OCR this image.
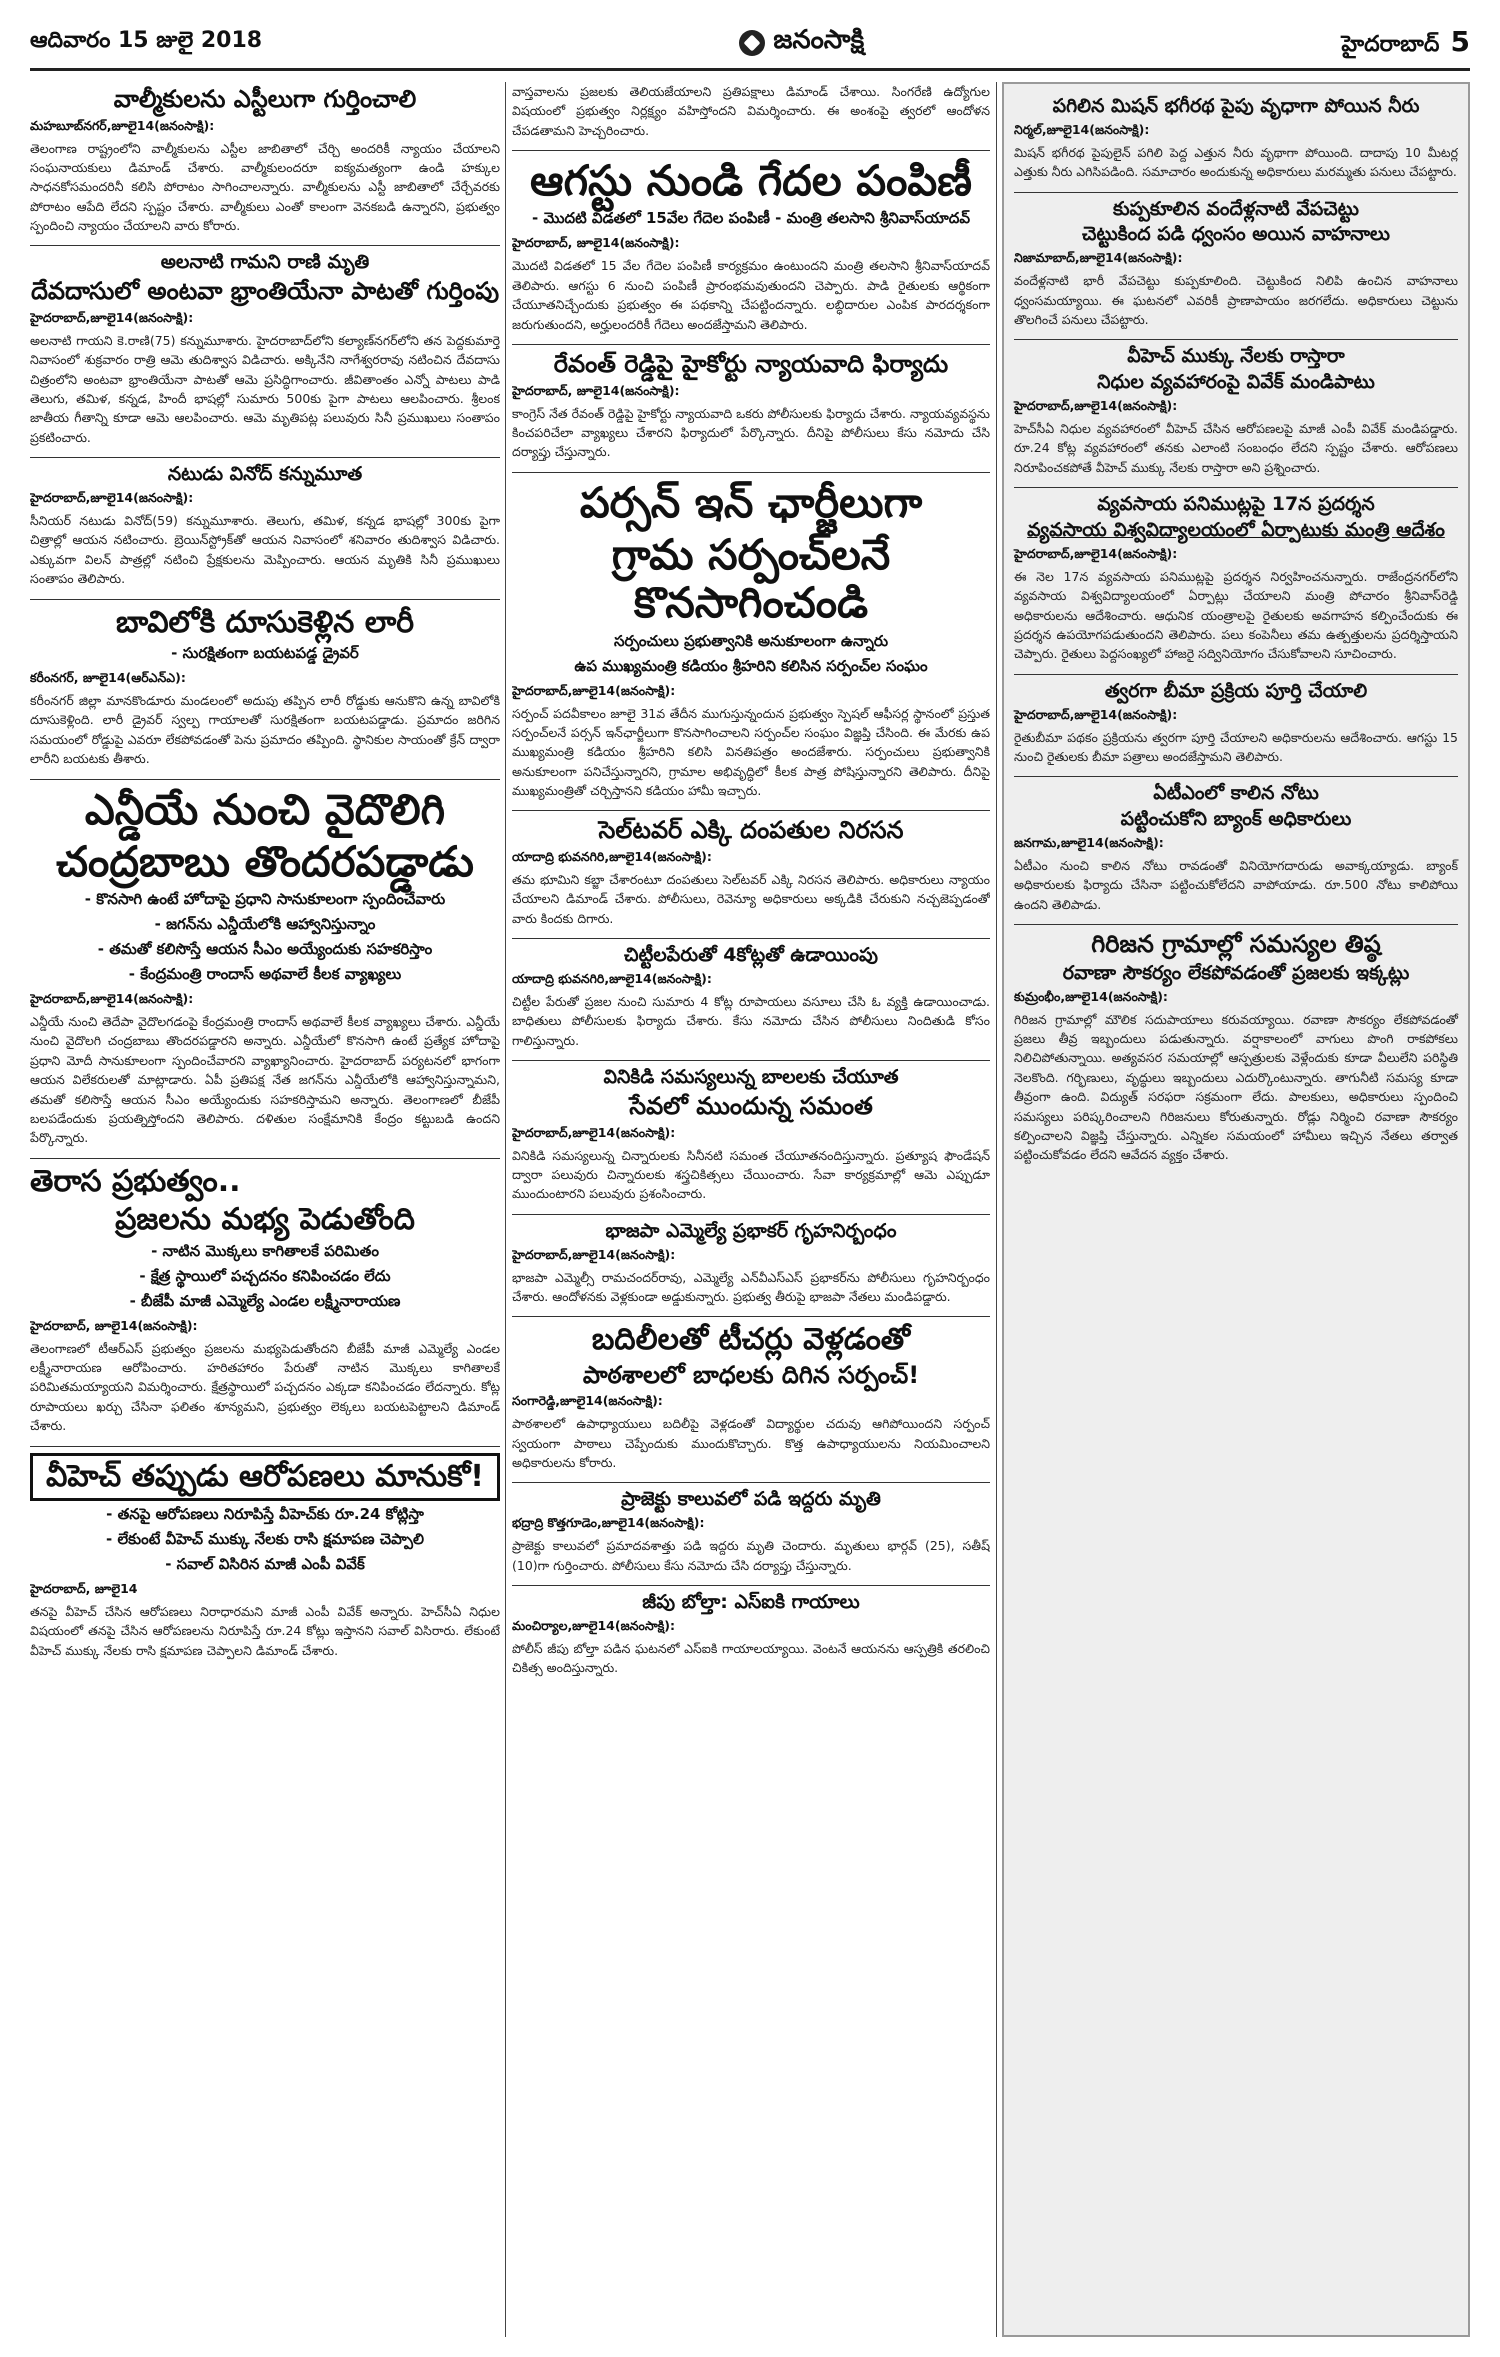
ఆదివారం 15 జులై 2018	జనంసాక్షి	హైదరాబాద్ 5
వాల్మీకులను ఎస్టీలుగా గుర్తించాలి
మహబూబ్‌నగర్,జూలై14(జనంసాక్షి):

తెలంగాణ రాష్ట్రంలోని వాల్మీకులను ఎస్టీల జాబితాలో చేర్చి అందరికీ న్యాయం చేయాలని సంఘనాయకులు డిమాండ్ చేశారు. వాల్మీకులందరూ ఐక్యమత్యంగా ఉండి హక్కుల సాధనకోసమందరినీ కలిసి పోరాటం సాగించాలన్నారు. వాల్మీకులను ఎస్టీ జాబితాలో చేర్చేవరకు పోరాటం ఆపేది లేదని స్పష్టం చేశారు. వాల్మీకులు ఎంతో కాలంగా వెనకబడి ఉన్నారని, ప్రభుత్వం స్పందించి న్యాయం చేయాలని వారు కోరారు.

అలనాటి గామని రాణి మృతి
దేవదాసులో అంటవా భ్రాంతియేనా పాటతో గుర్తింపు
హైదరాబాద్,జూలై14(జనంసాక్షి):

అలనాటి గాయని కె.రాణి(75) కన్నుమూశారు. హైదరాబాద్‌లోని కల్యాణ్‌నగర్‌లోని తన పెద్దకుమార్తె నివాసంలో శుక్రవారం రాత్రి ఆమె తుదిశ్వాస విడిచారు. అక్కినేని నాగేశ్వరరావు నటించిన దేవదాసు చిత్రంలోని అంటవా భ్రాంతియేనా పాటతో ఆమె ప్రసిద్ధిగాంచారు. జీవితాంతం ఎన్నో పాటలు పాడి తెలుగు, తమిళ, కన్నడ, హిందీ భాషల్లో సుమారు 500కు పైగా పాటలు ఆలపించారు. శ్రీలంక జాతీయ గీతాన్ని కూడా ఆమె ఆలపించారు. ఆమె మృతిపట్ల పలువురు సినీ ప్రముఖులు సంతాపం ప్రకటించారు.

నటుడు వినోద్ కన్నుమూత
హైదరాబాద్,జూలై14(జనంసాక్షి):

సీనియర్ నటుడు వినోద్(59) కన్నుమూశారు. తెలుగు, తమిళ, కన్నడ భాషల్లో 300కు పైగా చిత్రాల్లో ఆయన నటించారు. బ్రెయిన్‌స్ట్రోక్‌తో ఆయన నివాసంలో శనివారం తుదిశ్వాస విడిచారు. ఎక్కువగా విలన్ పాత్రల్లో నటించి ప్రేక్షకులను మెప్పించారు. ఆయన మృతికి సినీ ప్రముఖులు సంతాపం తెలిపారు.

బావిలోకి దూసుకెళ్లిన లారీ
- సురక్షితంగా బయటపడ్డ డ్రైవర్
కరీంనగర్, జూలై14(ఆర్ఎన్ఎ):

కరీంనగర్ జిల్లా మానకొండూరు మండలంలో అదుపు తప్పిన లారీ రోడ్డుకు ఆనుకొని ఉన్న బావిలోకి దూసుకెళ్లింది. లారీ డ్రైవర్ స్వల్ప గాయాలతో సురక్షితంగా బయటపడ్డాడు. ప్రమాదం జరిగిన సమయంలో రోడ్డుపై ఎవరూ లేకపోవడంతో పెను ప్రమాదం తప్పింది. స్థానికుల సాయంతో క్రేన్ ద్వారా లారీని బయటకు తీశారు.

ఎన్డీయే నుంచి వైదొలిగి
చంద్రబాబు తొందరపడ్డాడు
- కొనసాగి ఉంటే హోదాపై ప్రధాని సానుకూలంగా స్పందించేవారు
- జగన్‌ను ఎన్డీయేలోకి ఆహ్వానిస్తున్నాం
- తమతో కలిసొస్తే ఆయన సీఎం అయ్యేందుకు సహకరిస్తాం
- కేంద్రమంత్రి రాందాస్ అథవాలే కీలక వ్యాఖ్యలు
హైదరాబాద్,జూలై14(జనంసాక్షి):

ఎన్డీయే నుంచి తెదేపా వైదొలగడంపై కేంద్రమంత్రి రాందాస్ అథవాలే కీలక వ్యాఖ్యలు చేశారు. ఎన్డీయే నుంచి వైదొలగి చంద్రబాబు తొందరపడ్డారని అన్నారు. ఎన్డీయేలో కొనసాగి ఉంటే ప్రత్యేక హోదాపై ప్రధాని మోదీ సానుకూలంగా స్పందించేవారని వ్యాఖ్యానించారు. హైదరాబాద్ పర్యటనలో భాగంగా ఆయన విలేకరులతో మాట్లాడారు. ఏపీ ప్రతిపక్ష నేత జగన్‌ను ఎన్డీయేలోకి ఆహ్వానిస్తున్నామని, తమతో కలిసొస్తే ఆయన సీఎం అయ్యేందుకు సహకరిస్తామని అన్నారు. తెలంగాణలో బీజేపీ బలపడేందుకు ప్రయత్నిస్తోందని తెలిపారు. దళితుల సంక్షేమానికి కేంద్రం కట్టుబడి ఉందని పేర్కొన్నారు.

తెరాస ప్రభుత్వం..
ప్రజలను మభ్య పెడుతోంది
- నాటిన మొక్కలు కాగితాలకే పరిమితం
- క్షేత్ర స్థాయిలో పచ్చదనం కనిపించడం లేదు
- బీజేపీ మాజీ ఎమ్మెల్యే ఎండల లక్ష్మీనారాయణ
హైదరాబాద్, జూలై14(జనంసాక్షి):

తెలంగాణలో టీఆర్ఎస్ ప్రభుత్వం ప్రజలను మభ్యపెడుతోందని బీజేపీ మాజీ ఎమ్మెల్యే ఎండల లక్ష్మీనారాయణ ఆరోపించారు. హరితహారం పేరుతో నాటిన మొక్కలు కాగితాలకే పరిమితమయ్యాయని విమర్శించారు. క్షేత్రస్థాయిలో పచ్చదనం ఎక్కడా కనిపించడం లేదన్నారు. కోట్ల రూపాయలు ఖర్చు చేసినా ఫలితం శూన్యమని, ప్రభుత్వం లెక్కలు బయటపెట్టాలని డిమాండ్ చేశారు.

వీహెచ్ తప్పుడు ఆరోపణలు మానుకో!
- తనపై ఆరోపణలు నిరూపిస్తే వీహెచ్‌కు రూ.24 కోట్లిస్తా
- లేకుంటే వీహెచ్ ముక్కు నేలకు రాసి క్షమాపణ చెప్పాలి
- సవాల్ విసిరిన మాజీ ఎంపీ వివేక్
హైదరాబాద్, జూలై14

తనపై వీహెచ్ చేసిన ఆరోపణలు నిరాధారమని మాజీ ఎంపీ వివేక్ అన్నారు. హెచ్‌సీఏ నిధుల విషయంలో తనపై చేసిన ఆరోపణలను నిరూపిస్తే రూ.24 కోట్లు ఇస్తానని సవాల్ విసిరారు. లేకుంటే వీహెచ్ ముక్కు నేలకు రాసి క్షమాపణ చెప్పాలని డిమాండ్ చేశారు.

వాస్తవాలను ప్రజలకు తెలియజేయాలని ప్రతిపక్షాలు డిమాండ్ చేశాయి. సింగరేణి ఉద్యోగుల విషయంలో ప్రభుత్వం నిర్లక్ష్యం వహిస్తోందని విమర్శించారు. ఈ అంశంపై త్వరలో ఆందోళన చేపడతామని హెచ్చరించారు.

ఆగస్టు నుండి గేదల పంపిణీ
- మొదటి విడతలో 15వేల గేదెల పంపిణీ - మంత్రి తలసాని శ్రీనివాస్‌యాదవ్
హైదరాబాద్, జూలై14(జనంసాక్షి):

మొదటి విడతలో 15 వేల గేదెల పంపిణీ కార్యక్రమం ఉంటుందని మంత్రి తలసాని శ్రీనివాస్‌యాదవ్ తెలిపారు. ఆగస్టు 6 నుంచి పంపిణీ ప్రారంభమవుతుందని చెప్పారు. పాడి రైతులకు ఆర్థికంగా చేయూతనిచ్చేందుకు ప్రభుత్వం ఈ పథకాన్ని చేపట్టిందన్నారు. లబ్ధిదారుల ఎంపిక పారదర్శకంగా జరుగుతుందని, అర్హులందరికీ గేదెలు అందజేస్తామని తెలిపారు.

రేవంత్ రెడ్డిపై హైకోర్టు న్యాయవాది ఫిర్యాదు
హైదరాబాద్, జూలై14(జనంసాక్షి):

కాంగ్రెస్ నేత రేవంత్ రెడ్డిపై హైకోర్టు న్యాయవాది ఒకరు పోలీసులకు ఫిర్యాదు చేశారు. న్యాయవ్యవస్థను కించపరిచేలా వ్యాఖ్యలు చేశారని ఫిర్యాదులో పేర్కొన్నారు. దీనిపై పోలీసులు కేసు నమోదు చేసి దర్యాప్తు చేస్తున్నారు.

పర్సన్ ఇన్ ఛార్జీలుగా
గ్రామ సర్పంచ్‌లనే కొనసాగించండి
సర్పంచులు ప్రభుత్వానికి అనుకూలంగా ఉన్నారు
ఉప ముఖ్యమంత్రి కడియం శ్రీహరిని కలిసిన సర్పంచ్‌ల సంఘం
హైదరాబాద్,జూలై14(జనంసాక్షి):

సర్పంచ్ పదవీకాలం జూలై 31వ తేదీన ముగుస్తున్నందున ప్రభుత్వం స్పెషల్ ఆఫీసర్ల స్థానంలో ప్రస్తుత సర్పంచ్‌లనే పర్సన్ ఇన్‌ఛార్జీలుగా కొనసాగించాలని సర్పంచ్‌ల సంఘం విజ్ఞప్తి చేసింది. ఈ మేరకు ఉప ముఖ్యమంత్రి కడియం శ్రీహరిని కలిసి వినతిపత్రం అందజేశారు. సర్పంచులు ప్రభుత్వానికి అనుకూలంగా పనిచేస్తున్నారని, గ్రామాల అభివృద్ధిలో కీలక పాత్ర పోషిస్తున్నారని తెలిపారు. దీనిపై ముఖ్యమంత్రితో చర్చిస్తానని కడియం హామీ ఇచ్చారు.

సెల్‌టవర్ ఎక్కి దంపతుల నిరసన
యాదాద్రి భువనగిరి,జూలై14(జనంసాక్షి):

తమ భూమిని కబ్జా చేశారంటూ దంపతులు సెల్‌టవర్ ఎక్కి నిరసన తెలిపారు. అధికారులు న్యాయం చేయాలని డిమాండ్ చేశారు. పోలీసులు, రెవెన్యూ అధికారులు అక్కడికి చేరుకుని నచ్చజెప్పడంతో వారు కిందకు దిగారు.

చిట్టీలపేరుతో 4కోట్లతో ఉడాయింపు
యాదాద్రి భువనగిరి,జూలై14(జనంసాక్షి):

చిట్టీల పేరుతో ప్రజల నుంచి సుమారు 4 కోట్ల రూపాయలు వసూలు చేసి ఓ వ్యక్తి ఉడాయించాడు. బాధితులు పోలీసులకు ఫిర్యాదు చేశారు. కేసు నమోదు చేసిన పోలీసులు నిందితుడి కోసం గాలిస్తున్నారు.

వినికిడి సమస్యలున్న బాలలకు చేయూత
సేవలో ముందున్న సమంత
హైదరాబాద్,జూలై14(జనంసాక్షి):

వినికిడి సమస్యలున్న చిన్నారులకు సినీనటి సమంత చేయూతనందిస్తున్నారు. ప్రత్యూష ఫౌండేషన్ ద్వారా పలువురు చిన్నారులకు శస్త్రచికిత్సలు చేయించారు. సేవా కార్యక్రమాల్లో ఆమె ఎప్పుడూ ముందుంటారని పలువురు ప్రశంసించారు.

భాజపా ఎమ్మెల్యే ప్రభాకర్ గృహనిర్బంధం
హైదరాబాద్,జూలై14(జనంసాక్షి):

భాజపా ఎమ్మెల్సీ రామచందర్‌రావు, ఎమ్మెల్యే ఎన్‌వీఎస్ఎస్ ప్రభాకర్‌ను పోలీసులు గృహనిర్బంధం చేశారు. ఆందోళనకు వెళ్లకుండా అడ్డుకున్నారు. ప్రభుత్వ తీరుపై భాజపా నేతలు మండిపడ్డారు.

బదిలీలతో టీచర్లు వెళ్లడంతో
పాఠశాలలో బాధలకు దిగిన సర్పంచ్!
సంగారెడ్డి,జూలై14(జనంసాక్షి):

పాఠశాలలో ఉపాధ్యాయులు బదిలీపై వెళ్లడంతో విద్యార్థుల చదువు ఆగిపోయిందని సర్పంచ్ స్వయంగా పాఠాలు చెప్పేందుకు ముందుకొచ్చారు. కొత్త ఉపాధ్యాయులను నియమించాలని అధికారులను కోరారు.

ప్రాజెక్టు కాలువలో పడి ఇద్దరు మృతి
భద్రాద్రి కొత్తగూడెం,జూలై14(జనంసాక్షి):

ప్రాజెక్టు కాలువలో ప్రమాదవశాత్తు పడి ఇద్దరు మృతి చెందారు. మృతులు భార్గవ్ (25), సతీష్ (10)గా గుర్తించారు. పోలీసులు కేసు నమోదు చేసి దర్యాప్తు చేస్తున్నారు.

జీపు బోల్తా: ఎస్‌ఐకి గాయాలు
మంచిర్యాల,జూలై14(జనంసాక్షి):

పోలీస్ జీపు బోల్తా పడిన ఘటనలో ఎస్‌ఐకి గాయాలయ్యాయి. వెంటనే ఆయనను ఆస్పత్రికి తరలించి చికిత్స అందిస్తున్నారు.

పగిలిన మిషన్ భగీరథ పైపు వృధాగా పోయిన నీరు
నిర్మల్,జూలై14(జనంసాక్షి):

మిషన్ భగీరథ పైపులైన్ పగిలి పెద్ద ఎత్తున నీరు వృథాగా పోయింది. దాదాపు 10 మీటర్ల ఎత్తుకు నీరు ఎగిసిపడింది. సమాచారం అందుకున్న అధికారులు మరమ్మతు పనులు చేపట్టారు.

కుప్పకూలిన వందేళ్లనాటి వేపచెట్టు
చెట్టుకింద పడి ధ్వంసం అయిన వాహనాలు
నిజామాబాద్,జూలై14(జనంసాక్షి):

వందేళ్లనాటి భారీ వేపచెట్టు కుప్పకూలింది. చెట్టుకింద నిలిపి ఉంచిన వాహనాలు ధ్వంసమయ్యాయి. ఈ ఘటనలో ఎవరికీ ప్రాణాపాయం జరగలేదు. అధికారులు చెట్టును తొలగించే పనులు చేపట్టారు.

వీహెచ్ ముక్కు నేలకు రాస్తారా
నిధుల వ్యవహారంపై వివేక్ మండిపాటు
హైదరాబాద్,జూలై14(జనంసాక్షి):

హెచ్‌సీఏ నిధుల వ్యవహారంలో వీహెచ్ చేసిన ఆరోపణలపై మాజీ ఎంపీ వివేక్ మండిపడ్డారు. రూ.24 కోట్ల వ్యవహారంలో తనకు ఎలాంటి సంబంధం లేదని స్పష్టం చేశారు. ఆరోపణలు నిరూపించకపోతే వీహెచ్ ముక్కు నేలకు రాస్తారా అని ప్రశ్నించారు.

వ్యవసాయ పనిముట్లపై 17న ప్రదర్శన
వ్యవసాయ విశ్వవిద్యాలయంలో ఏర్పాటుకు మంత్రి ఆదేశం
హైదరాబాద్,జూలై14(జనంసాక్షి):

ఈ నెల 17న వ్యవసాయ పనిముట్లపై ప్రదర్శన నిర్వహించనున్నారు. రాజేంద్రనగర్‌లోని వ్యవసాయ విశ్వవిద్యాలయంలో ఏర్పాట్లు చేయాలని మంత్రి పోచారం శ్రీనివాస్‌రెడ్డి అధికారులను ఆదేశించారు. ఆధునిక యంత్రాలపై రైతులకు అవగాహన కల్పించేందుకు ఈ ప్రదర్శన ఉపయోగపడుతుందని తెలిపారు. పలు కంపెనీలు తమ ఉత్పత్తులను ప్రదర్శిస్తాయని చెప్పారు. రైతులు పెద్దసంఖ్యలో హాజరై సద్వినియోగం చేసుకోవాలని సూచించారు.

త్వరగా బీమా ప్రక్రియ పూర్తి చేయాలి
హైదరాబాద్,జూలై14(జనంసాక్షి):

రైతుబీమా పథకం ప్రక్రియను త్వరగా పూర్తి చేయాలని అధికారులను ఆదేశించారు. ఆగస్టు 15 నుంచి రైతులకు బీమా పత్రాలు అందజేస్తామని తెలిపారు.

ఏటీఎంలో కాలిన నోటు
పట్టించుకోని బ్యాంక్ అధికారులు
జనగామ,జూలై14(జనంసాక్షి):

ఏటీఎం నుంచి కాలిన నోటు రావడంతో వినియోగదారుడు అవాక్కయ్యాడు. బ్యాంక్ అధికారులకు ఫిర్యాదు చేసినా పట్టించుకోలేదని వాపోయాడు. రూ.500 నోటు కాలిపోయి ఉందని తెలిపాడు.

గిరిజన గ్రామాల్లో సమస్యల తిష్ఠ
రవాణా సౌకర్యం లేకపోవడంతో ప్రజలకు ఇక్కట్లు
కుమ్రంభీం,జూలై14(జనంసాక్షి):

గిరిజన గ్రామాల్లో మౌలిక సదుపాయాలు కరువయ్యాయి. రవాణా సౌకర్యం లేకపోవడంతో ప్రజలు తీవ్ర ఇబ్బందులు పడుతున్నారు. వర్షాకాలంలో వాగులు పొంగి రాకపోకలు నిలిచిపోతున్నాయి. అత్యవసర సమయాల్లో ఆస్పత్రులకు వెళ్లేందుకు కూడా వీలులేని పరిస్థితి నెలకొంది. గర్భిణులు, వృద్ధులు ఇబ్బందులు ఎదుర్కొంటున్నారు. తాగునీటి సమస్య కూడా తీవ్రంగా ఉంది. విద్యుత్ సరఫరా సక్రమంగా లేదు. పాలకులు, అధికారులు స్పందించి సమస్యలు పరిష్కరించాలని గిరిజనులు కోరుతున్నారు. రోడ్లు నిర్మించి రవాణా సౌకర్యం కల్పించాలని విజ్ఞప్తి చేస్తున్నారు. ఎన్నికల సమయంలో హామీలు ఇచ్చిన నేతలు తర్వాత పట్టించుకోవడం లేదని ఆవేదన వ్యక్తం చేశారు.
